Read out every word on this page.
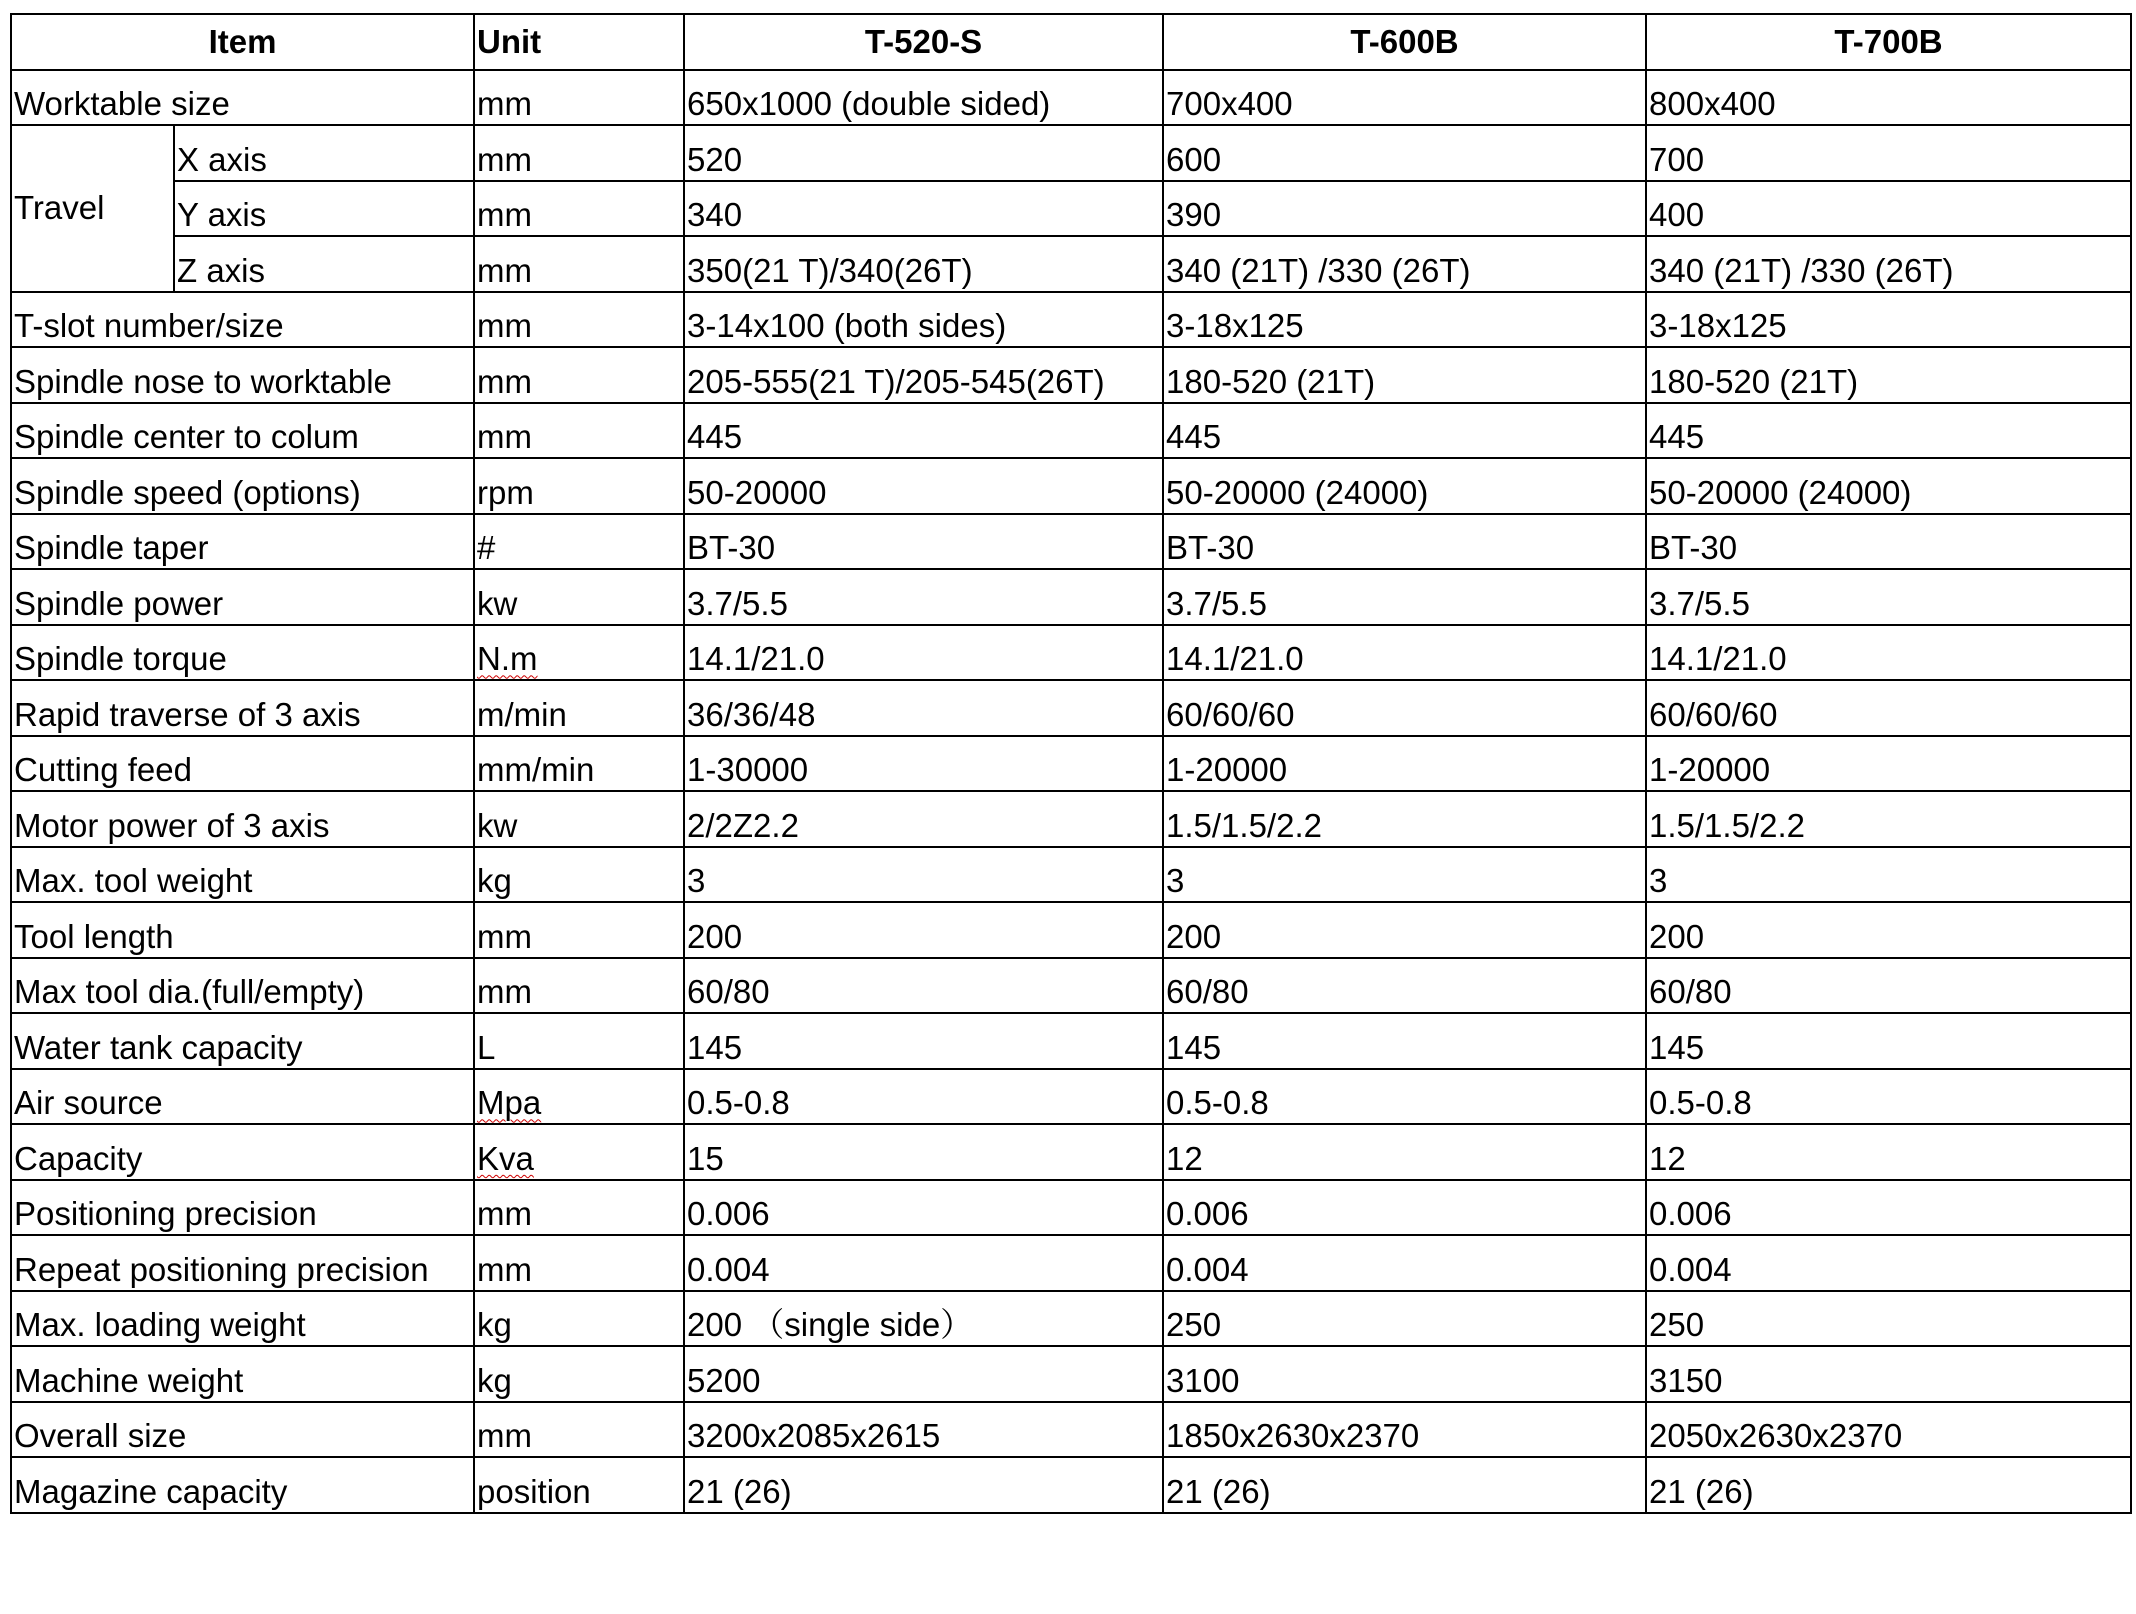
Item		Unit	T-520-S	T-600B	T-700B
Worktable size		mm	650x1000 (double sided)	700x400	800x400
Travel	X axis	mm	520	600	700
	Y axis	mm	340	390	400
	Z axis	mm	350(21 T)/340(26T)	340 (21T) /330 (26T)	340 (21T) /330 (26T)
T-slot number/size		mm	3-14x100 (both sides)	3-18x125	3-18x125
Spindle nose to worktable		mm	205-555(21 T)/205-545(26T)	180-520 (21T)	180-520 (21T)
Spindle center to colum		mm	445	445	445
Spindle speed (options)		rpm	50-20000	50-20000 (24000)	50-20000 (24000)
Spindle taper		#	BT-30	BT-30	BT-30
Spindle power		kw	3.7/5.5	3.7/5.5	3.7/5.5
Spindle torque		N.m	14.1/21.0	14.1/21.0	14.1/21.0
Rapid traverse of 3 axis		m/min	36/36/48	60/60/60	60/60/60
Cutting feed		mm/min	1-30000	1-20000	1-20000
Motor power of 3 axis		kw	2/2Z2.2	1.5/1.5/2.2	1.5/1.5/2.2
Max. tool weight		kg	3	3	3
Tool length		mm	200	200	200
Max tool dia.(full/empty)		mm	60/80	60/80	60/80
Water tank capacity		L	145	145	145
Air source		Mpa	0.5-0.8	0.5-0.8	0.5-0.8
Capacity		Kva	15	12	12
Positioning precision		mm	0.006	0.006	0.006
Repeat positioning precision		mm	0.004	0.004	0.004
Max. loading weight		kg	200 （single side）	250	250
Machine weight		kg	5200	3100	3150
Overall size		mm	3200x2085x2615	1850x2630x2370	2050x2630x2370
Magazine capacity		position	21 (26)	21 (26)	21 (26)
